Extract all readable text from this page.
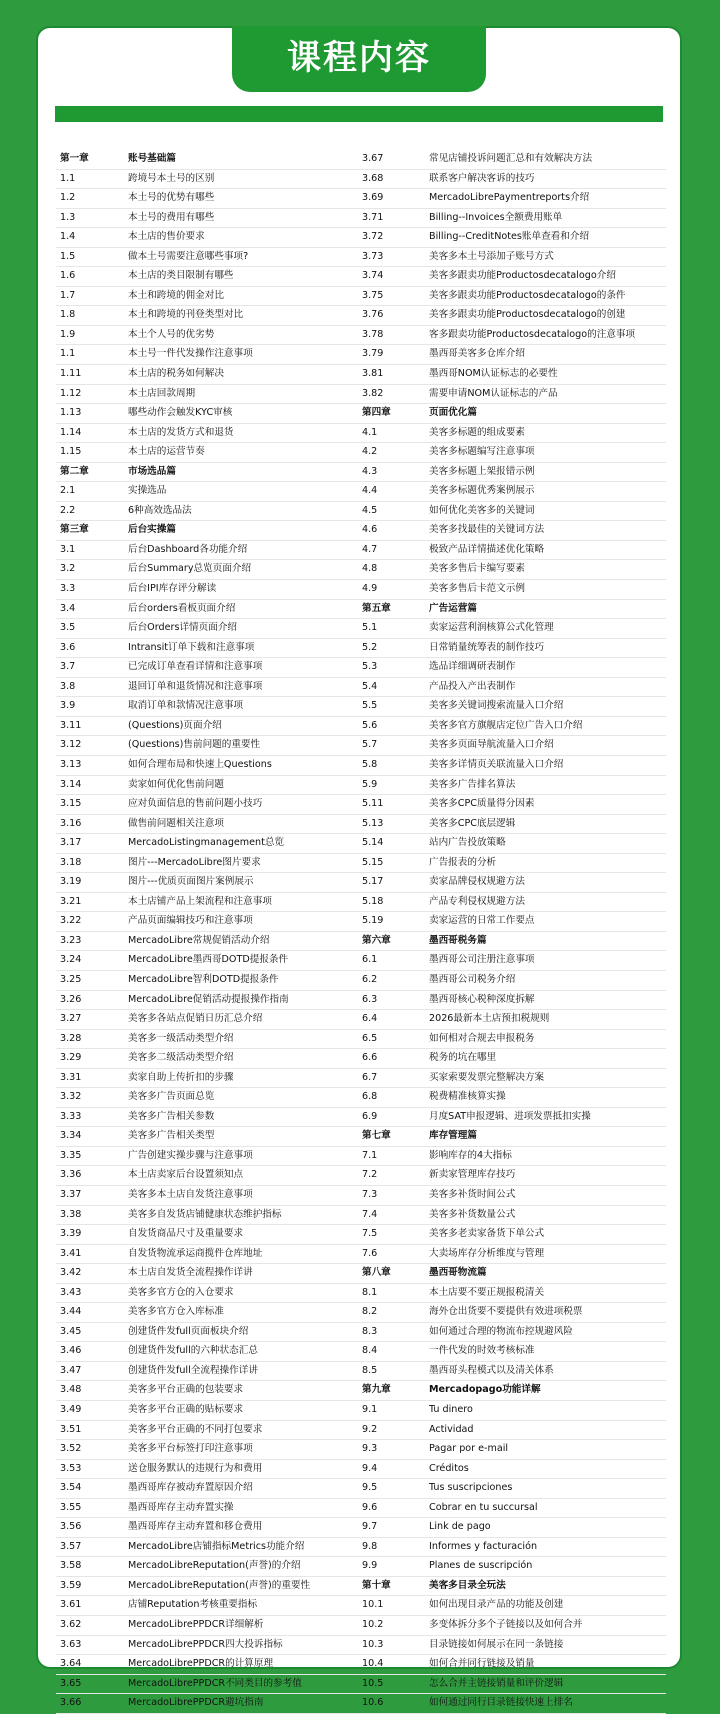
课程内容
第一章	账号基础篇
1.1	跨境号本土号的区别
1.2	本土号的优势有哪些
1.3	本土号的费用有哪些
1.4	本土店的售价要求
1.5	做本土号需要注意哪些事项?
1.6	本土店的类目限制有哪些
1.7	本土和跨境的佣金对比
1.8	本土和跨境的刊登类型对比
1.9	本土个人号的优劣势
1.1	本土号一件代发操作注意事项
1.11	本土店的税务如何解决
1.12	本土店回款周期
1.13	哪些动作会触发KYC审核
1.14	本土店的发货方式和退货
1.15	本土店的运营节奏
第二章	市场选品篇
2.1	实操选品
2.2	6种高效选品法
第三章	后台实操篇
3.1	后台Dashboard各功能介绍
3.2	后台Summary总览页面介绍
3.3	后台IPI库存评分解读
3.4	后台orders看板页面介绍
3.5	后台Orders详情页面介绍
3.6	Intransit订单下载和注意事项
3.7	已完成订单查看详情和注意事项
3.8	退回订单和退货情况和注意事项
3.9	取消订单和款情况注意事项
3.11	(Questions)页面介绍
3.12	(Questions)售前问题的重要性
3.13	如何合理布局和快速上Questions
3.14	卖家如何优化售前问题
3.15	应对负面信息的售前问题小技巧
3.16	做售前问题相关注意项
3.17	MercadoListingmanagement总览
3.18	图片---MercadoLibre图片要求
3.19	图片---优质页面图片案例展示
3.21	本土店铺产品上架流程和注意事项
3.22	产品页面编辑技巧和注意事项
3.23	MercadoLibre常规促销活动介绍
3.24	MercadoLibre墨西哥DOTD提报条件
3.25	MercadoLibre智利DOTD提报条件
3.26	MercadoLibre促销活动提报操作指南
3.27	美客多各站点促销日历汇总介绍
3.28	美客多一级活动类型介绍
3.29	美客多二级活动类型介绍
3.31	卖家自助上传折扣的步骤
3.32	美客多广告页面总览
3.33	美客多广告相关参数
3.34	美客多广告相关类型
3.35	广告创建实操步骤与注意事项
3.36	本土店卖家后台设置须知点
3.37	美客多本土店自发货注意事项
3.38	美客多自发货店铺健康状态维护指标
3.39	自发货商品尺寸及重量要求
3.41	自发货物流承运商揽件仓库地址
3.42	本土店自发货全流程操作详讲
3.43	美客多官方仓的入仓要求
3.44	美客多官方仓入库标准
3.45	创建货件发full页面板块介绍
3.46	创建货件发full的六种状态汇总
3.47	创建货件发full全流程操作详讲
3.48	美客多平台正确的包装要求
3.49	美客多平台正确的贴标要求
3.51	美客多平台正确的不同打包要求
3.52	美客多平台标签打印注意事项
3.53	送仓服务默认的违规行为和费用
3.54	墨西哥库存被动弃置原因介绍
3.55	墨西哥库存主动弃置实操
3.56	墨西哥库存主动弃置和移仓费用
3.57	MercadoLibre店铺指标Metrics功能介绍
3.58	MercadoLibreReputation(声誉)的介绍
3.59	MercadoLibreReputation(声誉)的重要性
3.61	店铺Reputation考核重要指标
3.62	MercadoLibrePPDCR详细解析
3.63	MercadoLibrePPDCR四大投诉指标
3.64	MercadoLibrePPDCR的计算原理
3.65	MercadoLibrePPDCR不同类目的参考值
3.66	MercadoLibrePPDCR避坑指南
3.67	常见店铺投诉问题汇总和有效解决方法
3.68	联系客户解决客诉的技巧
3.69	MercadoLibrePaymentreports介绍
3.71	Billing--Invoices全额费用账单
3.72	Billing--CreditNotes账单查看和介绍
3.73	美客多本土号添加子账号方式
3.74	美客多跟卖功能Productosdecatalogo介绍
3.75	美客多跟卖功能Productosdecatalogo的条件
3.76	美客多跟卖功能Productosdecatalogo的创建
3.78	客多跟卖功能Productosdecatalogo的注意事项
3.79	墨西哥美客多仓库介绍
3.81	墨西哥NOM认证标志的必要性
3.82	需要申请NOM认证标志的产品
第四章	页面优化篇
4.1	美客多标题的组成要素
4.2	美客多标题编写注意事项
4.3	美客多标题上架报错示例
4.4	美客多标题优秀案例展示
4.5	如何优化美客多的关键词
4.6	美客多找最佳的关键词方法
4.7	极致产品详情描述优化策略
4.8	美客多售后卡编写要素
4.9	美客多售后卡范文示例
第五章	广告运营篇
5.1	卖家运营利润核算公式化管理
5.2	日常销量统筹表的制作技巧
5.3	选品详细调研表制作
5.4	产品投入产出表制作
5.5	美客多关键词搜索流量入口介绍
5.6	美客多官方旗舰店定位广告入口介绍
5.7	美客多页面导航流量入口介绍
5.8	美客多详情页关联流量入口介绍
5.9	美客多广告排名算法
5.11	美客多CPC质量得分因素
5.13	美客多CPC底层逻辑
5.14	站内广告投放策略
5.15	广告报表的分析
5.17	卖家品牌侵权规避方法
5.18	产品专利侵权规避方法
5.19	卖家运营的日常工作要点
第六章	墨西哥税务篇
6.1	墨西哥公司注册注意事项
6.2	墨西哥公司税务介绍
6.3	墨西哥核心税种深度拆解
6.4	2026最新本土店预扣税规则
6.5	如何相对合规去申报税务
6.6	税务的坑在哪里
6.7	买家索要发票完整解决方案
6.8	税费精准核算实操
6.9	月度SAT申报逻辑、进项发票抵扣实操
第七章	库存管理篇
7.1	影响库存的4大指标
7.2	新卖家管理库存技巧
7.3	美客多补货时间公式
7.4	美客多补货数量公式
7.5	美客多老卖家备货下单公式
7.6	大卖场库存分析维度与管理
第八章	墨西哥物流篇
8.1	本土店要不要正规报税清关
8.2	海外仓出货要不要提供有效进项税票
8.3	如何通过合理的物流布控规避风险
8.4	一件代发的时效考核标准
8.5	墨西哥头程模式以及清关体系
第九章	Mercadopago功能详解
9.1	Tu dinero
9.2	Actividad
9.3	Pagar por e-mail
9.4	Créditos
9.5	Tus suscripciones
9.6	Cobrar en tu succursal
9.7	Link de pago
9.8	Informes y facturación
9.9	Planes de suscripción
第十章	美客多目录全玩法
10.1	如何出现目录产品的功能及创建
10.2	多变体拆分多个子链接以及如何合并
10.3	目录链接如何展示在同一条链接
10.4	如何合并同行链接及销量
10.5	怎么合并主链接销量和评价逻辑
10.6	如何通过同行目录链接快速上排名
